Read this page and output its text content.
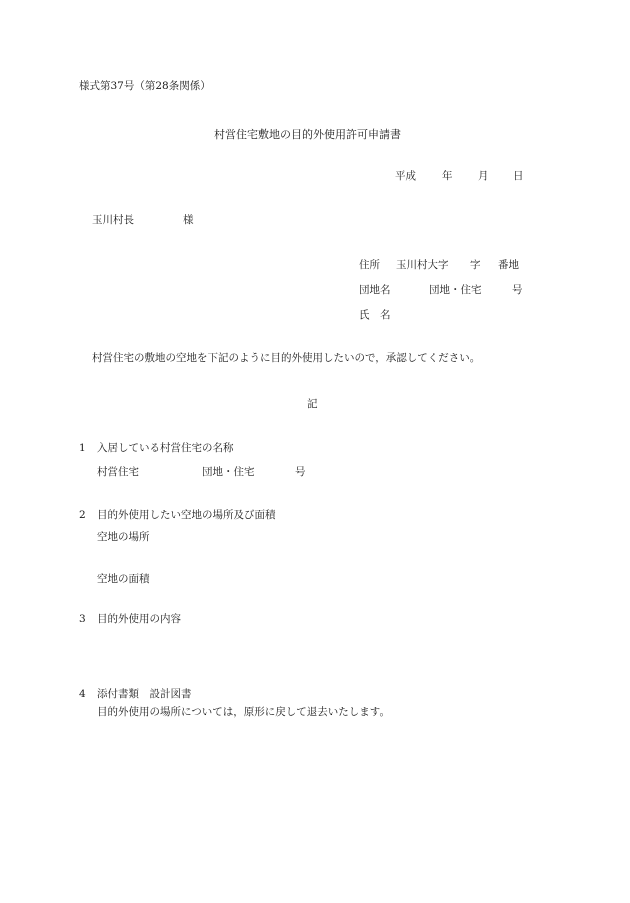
様式第37号（第28条関係）
村営住宅敷地の目的外使用許可申請書
平成 年 月 日
玉川村長	様
住所 玉川村大字 字 番地
団地名	団地・住宅	号
氏　名
村営住宅の敷地の空地を下記のように目的外使用したいので，承認してください。
記
1 入居している村営住宅の名称
村営住宅	団地・住宅	号
2 目的外使用したい空地の場所及び面積
空地の場所
空地の面積
3 目的外使用の内容
4 添付書類　設計図書
目的外使用の場所については，原形に戻して退去いたします。
